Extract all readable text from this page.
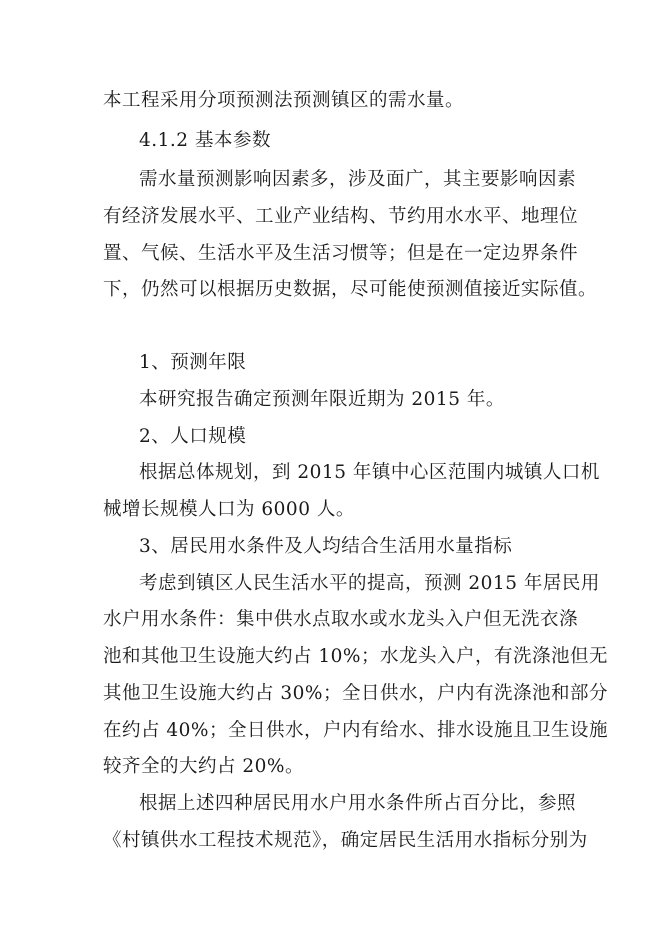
本工程采用分项预测法预测镇区的需水量。
4.1.2 基本参数
需水量预测影响因素多，涉及面广，其主要影响因素
有经济发展水平、工业产业结构、节约用水水平、地理位
置、气候、生活水平及生活习惯等；但是在一定边界条件
下，仍然可以根据历史数据，尽可能使预测值接近实际值。
1、预测年限
本研究报告确定预测年限近期为 2015 年。
2、人口规模
根据总体规划，到 2015 年镇中心区范围内城镇人口机
械增长规模人口为 6000 人。
3、居民用水条件及人均结合生活用水量指标
考虑到镇区人民生活水平的提高，预测 2015 年居民用
水户用水条件：集中供水点取水或水龙头入户但无洗衣涤
池和其他卫生设施大约占 10%；水龙头入户，有洗涤池但无
其他卫生设施大约占 30%；全日供水，户内有洗涤池和部分
在约占 40%；全日供水，户内有给水、排水设施且卫生设施
较齐全的大约占 20%。
根据上述四种居民用水户用水条件所占百分比，参照
《村镇供水工程技术规范》，确定居民生活用水指标分别为
